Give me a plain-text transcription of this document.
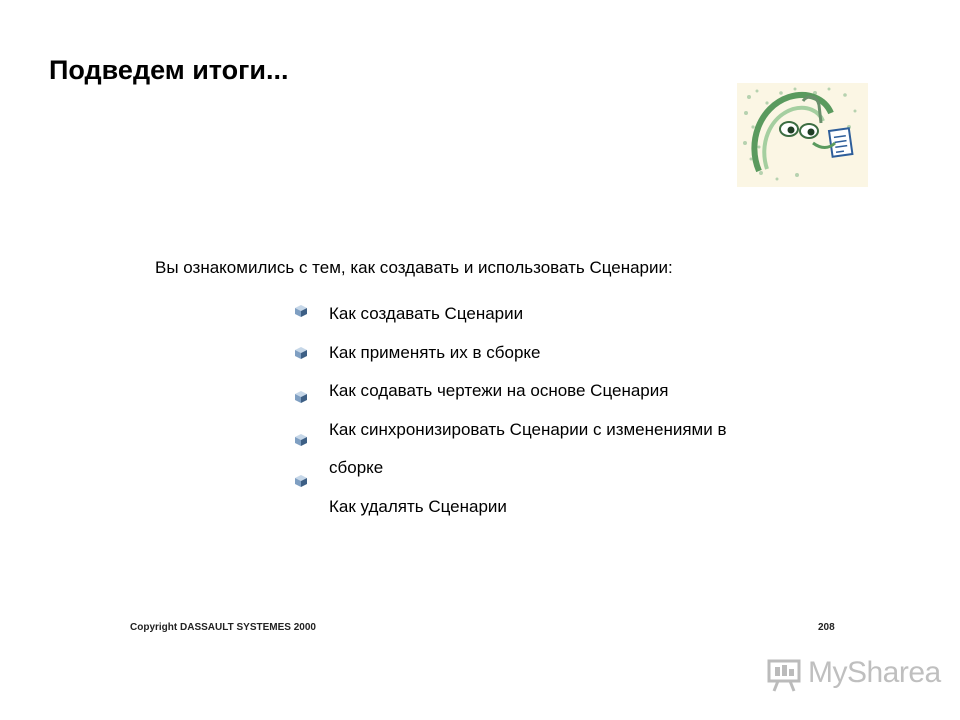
Подведем итоги...
Вы ознакомились с тем, как создавать и использовать Сценарии:
Как создавать Сценарии
Как применять их в сборке
Как содавать чертежи на основе Сценария
Как синхронизировать Сценарии с изменениями в
сборке
Как удалять Сценарии
Copyright DASSAULT SYSTEMES 2000	208
MySharea
